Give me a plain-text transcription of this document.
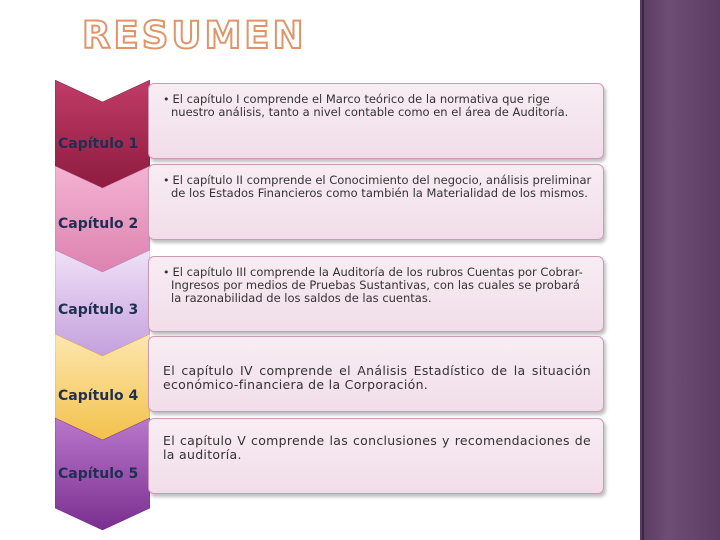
RESUMEN

Capítulo 1

Capítulo 2

Capítulo 3

Capítulo 4

Capítulo 5

• El capítulo I comprende el Marco teórico de la normativa que rige nuestro análisis, tanto a nivel contable como en el área de Auditoría.

• El capítulo II comprende el Conocimiento del negocio, análisis preliminar de los Estados Financieros como también la Materialidad de los mismos.

• El capítulo III comprende la Auditoría de los rubros Cuentas por Cobrar- Ingresos por medios de Pruebas Sustantivas, con las cuales se probará la razonabilidad de los saldos de las cuentas.

El capítulo IV comprende el Análisis Estadístico de la situación económico-financiera de la Corporación.

El capítulo V comprende las conclusiones y recomendaciones de la auditoría.
